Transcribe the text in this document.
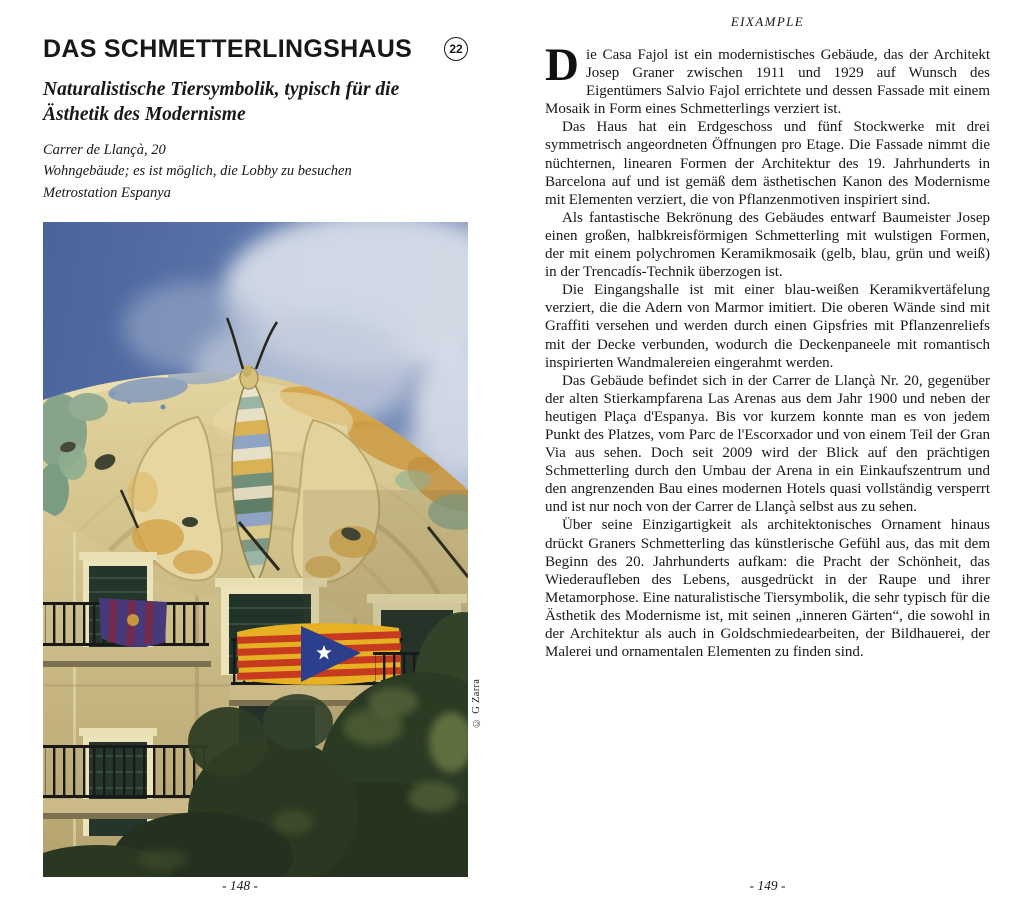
DAS SCHMETTERLINGSHAUS	22
Naturalistische Tiersymbolik, typisch für die Ästhetik des Modernisme
Carrer de Llançà, 20
Wohngebäude; es ist möglich, die Lobby zu besuchen
Metrostation Espanya
© G Zarra
EIXAMPLE

Die Casa Fajol ist ein modernistisches Gebäude, das der Architekt Josep Graner zwischen 1911 und 1929 auf Wunsch des Eigentümers Salvio Fajol errichtete und dessen Fassade mit einem Mosaik in Form eines Schmetterlings verziert ist.

Das Haus hat ein Erdgeschoss und fünf Stockwerke mit drei symmetrisch angeordneten Öffnungen pro Etage. Die Fassade nimmt die nüchternen, linearen Formen der Architektur des 19. Jahrhunderts in Barcelona auf und ist gemäß dem ästhetischen Kanon des Modernisme mit Elementen verziert, die von Pflanzenmotiven inspiriert sind.

Als fantastische Bekrönung des Gebäudes entwarf Baumeister Josep einen großen, halbkreisförmigen Schmetterling mit wulstigen Formen, der mit einem polychromen Keramikmosaik (gelb, blau, grün und weiß) in der Trencadís-Technik überzogen ist.

Die Eingangshalle ist mit einer blau-weißen Keramikvertäfelung verziert, die die Adern von Marmor imitiert. Die oberen Wände sind mit Graffiti versehen und werden durch einen Gipsfries mit Pflanzenreliefs mit der Decke verbunden, wodurch die Deckenpaneele mit romantisch inspirierten Wandmalereien eingerahmt werden.

Das Gebäude befindet sich in der Carrer de Llançà Nr. 20, gegenüber der alten Stierkampfarena Las Arenas aus dem Jahr 1900 und neben der heutigen Plaça d'Espanya. Bis vor kurzem konnte man es von jedem Punkt des Platzes, vom Parc de l'Escorxador und von einem Teil der Gran Via aus sehen. Doch seit 2009 wird der Blick auf den prächtigen Schmetterling durch den Umbau der Arena in ein Einkaufszentrum und den angrenzenden Bau eines modernen Hotels quasi vollständig versperrt und ist nur noch von der Carrer de Llançà selbst aus zu sehen.

Über seine Einzigartigkeit als architektonisches Ornament hinaus drückt Graners Schmetterling das künstlerische Gefühl aus, das mit dem Beginn des 20. Jahrhunderts aufkam: die Pracht der Schönheit, das Wiederaufleben des Lebens, ausgedrückt in der Raupe und ihrer Metamorphose. Eine naturalistische Tiersymbolik, die sehr typisch für die Ästhetik des Modernisme ist, mit seinen „inneren Gärten“, die sowohl in der Architektur als auch in Goldschmiedearbeiten, der Bildhauerei, der Malerei und ornamentalen Elementen zu finden sind.

- 148 -	- 149 -
